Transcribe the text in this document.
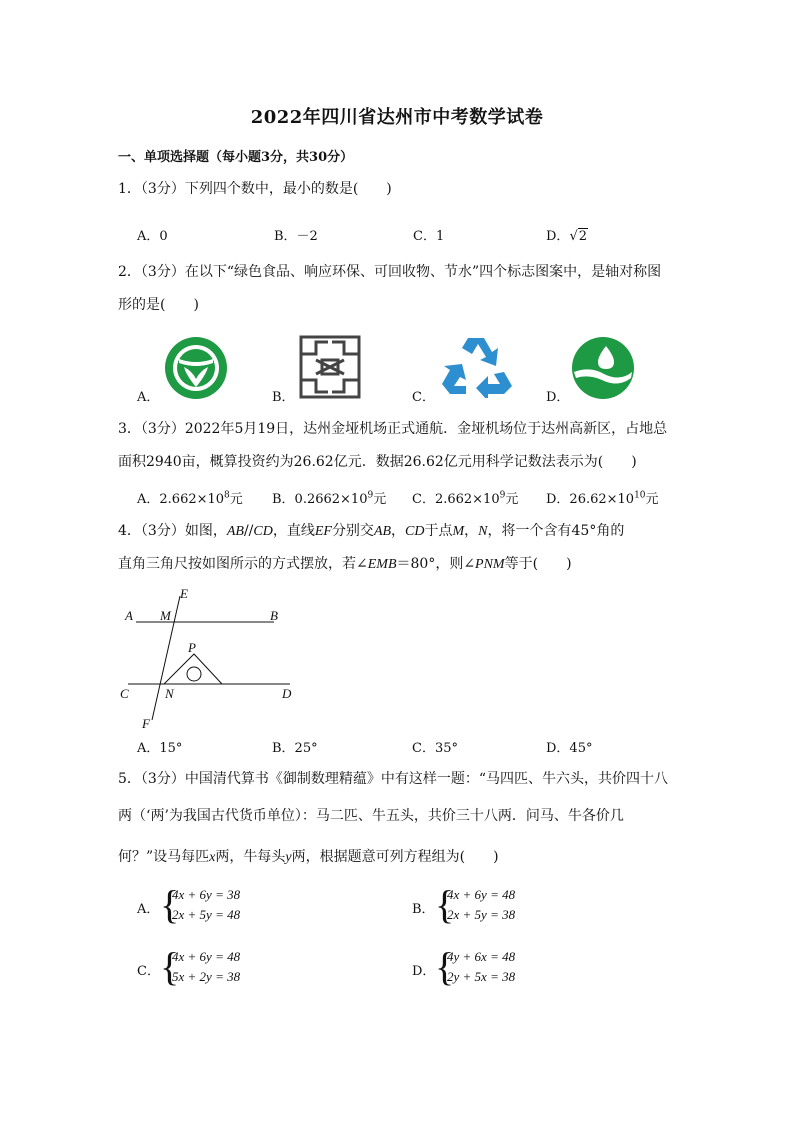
2022年四川省达州市中考数学试卷
一、单项选择题（每小题3分，共30分）
1．（3分）下列四个数中，最小的数是(　　)
A．0	B．－2	C．1	D．√2
2．（3分）在以下“绿色食品、响应环保、可回收物、节水”四个标志图案中，是轴对称图
形的是(　　)
A．	B．	C．	D．
3．（3分）2022年5月19日，达州金垭机场正式通航．金垭机场位于达州高新区，占地总
面积2940亩，概算投资约为26.62亿元．数据26.62亿元用科学记数法表示为(　　)
A．$2.662\times 10^8$元 B．$0.2662\times 10^9$元 C．$2.662\times 10^9$元 D．$26.62\times 10^{10}$元
4．（3分）如图，AB//CD，直线EF分别交AB，CD于点M，N，将一个含有45°角的
直角三角尺按如图所示的方式摆放，若∠EMB＝80°，则∠PNM等于(　　)
A M
E
B
P
C	N	D
F
A．15°	B．25°	C．35°	D．45°
5．（3分）中国清代算书《御制数理精蕴》中有这样一题：“马四匹、牛六头，共价四十八
两（‘两’为我国古代货币单位）：马二匹、牛五头，共价三十八两．问马、牛各价几
何？”设马每匹x两，牛每头y两，根据题意可列方程组为(　　)
A． {
4x + 6y = 38
2x + 5y = 48	B． {
4x + 6y = 48
2x + 5y = 38
C． {
4x + 6y = 48
5x + 2y = 38	D． {
4y + 6x = 48
2y + 5x = 38
